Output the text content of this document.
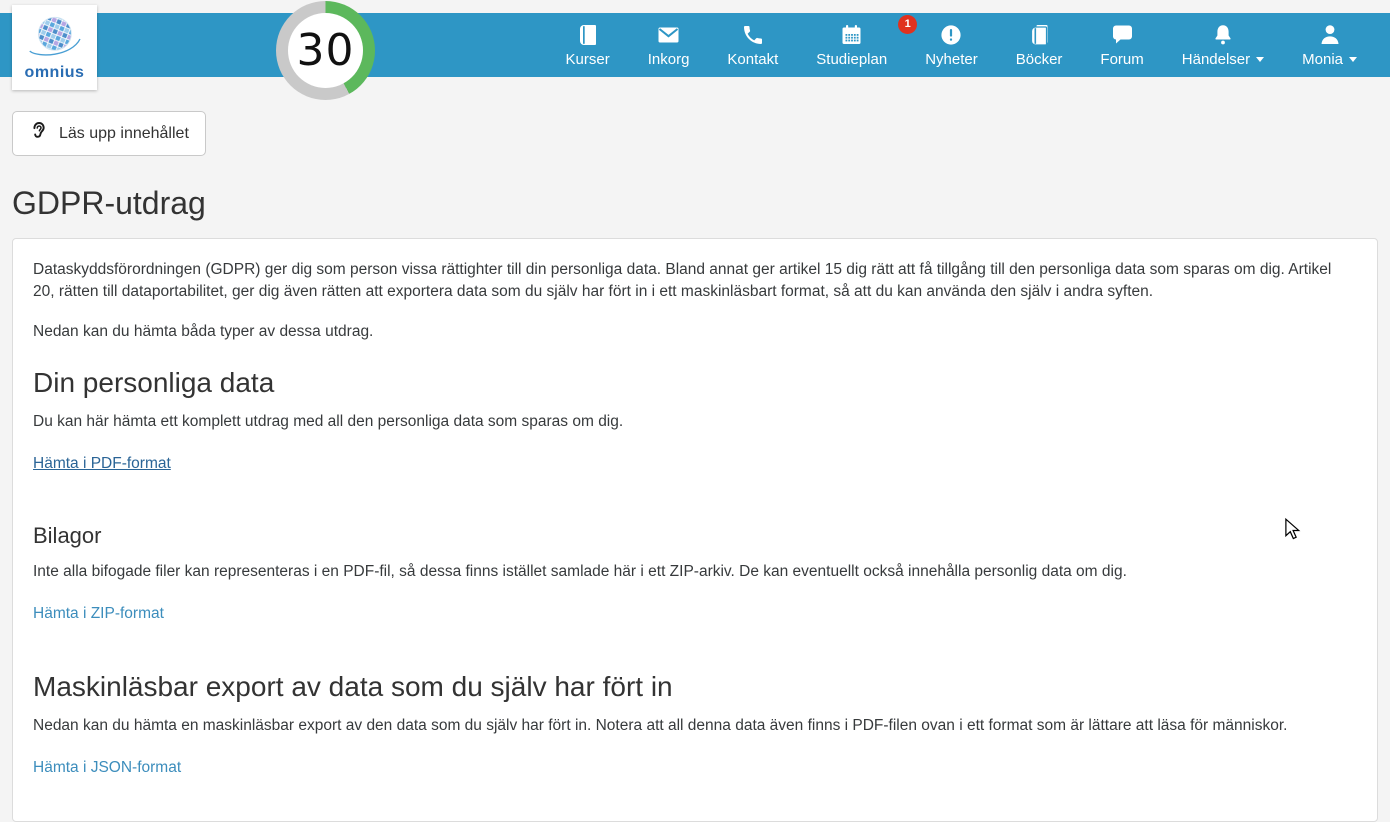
omnius	30	Kurser	Inkorg	Kontakt
1
Studieplan	Nyheter	Böcker	Forum	Händelser	Monia
Läs upp innehållet
GDPR-utdrag

Dataskyddsförordningen (GDPR) ger dig som person vissa rättighter till din personliga data. Bland annat ger artikel 15 dig rätt att få tillgång till den personliga data som sparas om dig. Artikel 20, rätten till dataportabilitet, ger dig även rätten att exportera data som du själv har fört in i ett maskinläsbart format, så att du kan använda den själv i andra syften.

Nedan kan du hämta båda typer av dessa utdrag.

Din personliga data

Du kan här hämta ett komplett utdrag med all den personliga data som sparas om dig.

Hämta i PDF-format
Bilagor

Inte alla bifogade filer kan representeras i en PDF-fil, så dessa finns istället samlade här i ett ZIP-arkiv. De kan eventuellt också innehålla personlig data om dig.

Hämta i ZIP-format
Maskinläsbar export av data som du själv har fört in

Nedan kan du hämta en maskinläsbar export av den data som du själv har fört in. Notera att all denna data även finns i PDF-filen ovan i ett format som är lättare att läsa för människor.

Hämta i JSON-format
